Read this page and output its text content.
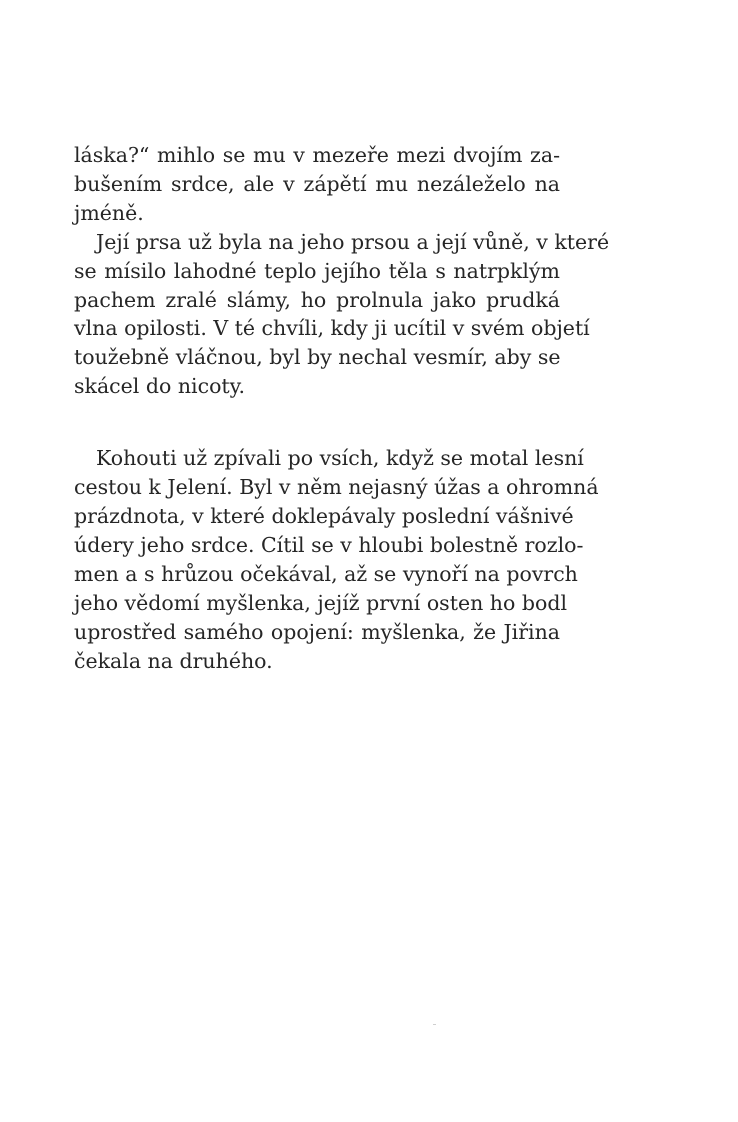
láska?“ mihlo se mu v mezeře mezi dvojím za-
bušením srdce, ale v zápětí mu nezáleželo na
jméně.

Její prsa už byla na jeho prsou a její vůně, v které
se mísilo lahodné teplo jejího těla s natrpklým
pachem zralé slámy, ho prolnula jako prudká
vlna opilosti. V té chvíli, kdy ji ucítil v svém objetí
toužebně vláčnou, byl by nechal vesmír, aby se
skácel do nicoty.

Kohouti už zpívali po vsích, když se motal lesní
cestou k Jelení. Byl v něm nejasný úžas a ohromná
prázdnota, v které doklepávaly poslední vášnivé
údery jeho srdce. Cítil se v hloubi bolestně rozlo-
men a s hrůzou očekával, až se vynoří na povrch
jeho vědomí myšlenka, jejíž první osten ho bodl
uprostřed samého opojení: myšlenka, že Jiřina
čekala na druhého.
